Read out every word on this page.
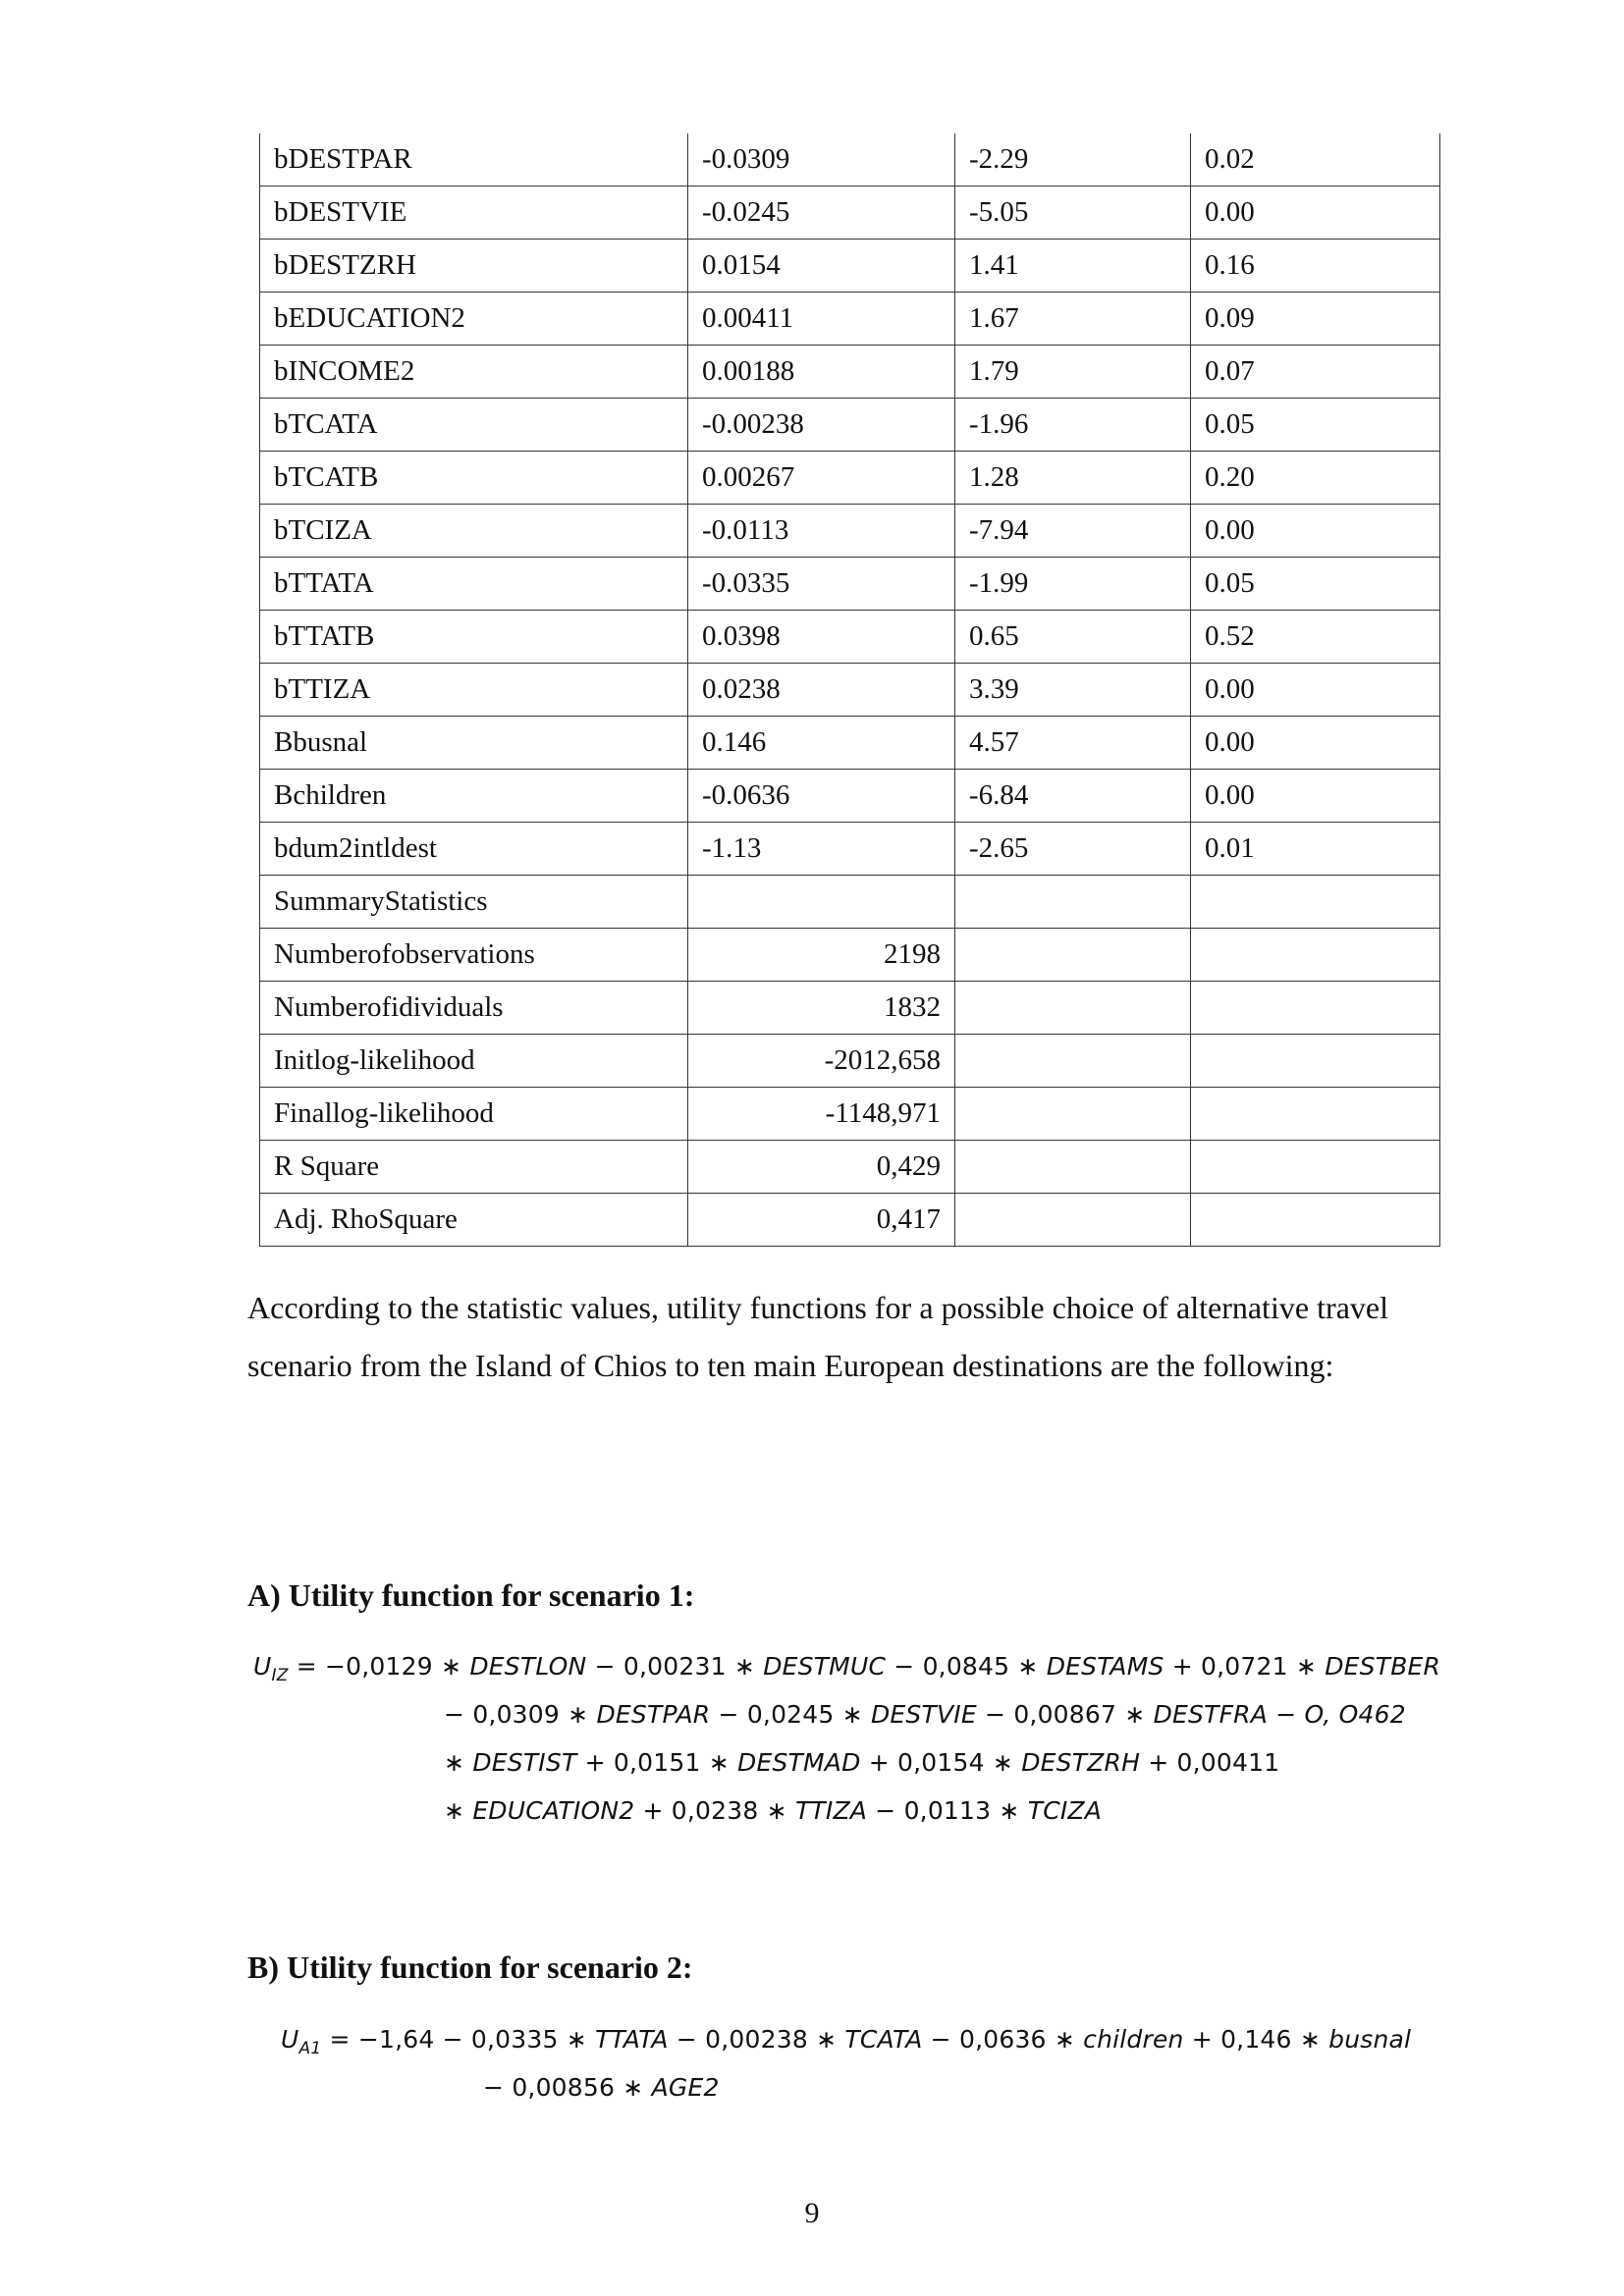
bDESTPAR	-0.0309	-2.29	0.02
bDESTVIE	-0.0245	-5.05	0.00
bDESTZRH	0.0154	1.41	0.16
bEDUCATION2	0.00411	1.67	0.09
bINCOME2	0.00188	1.79	0.07
bTCATA	-0.00238	-1.96	0.05
bTCATB	0.00267	1.28	0.20
bTCIZA	-0.0113	-7.94	0.00
bTTATA	-0.0335	-1.99	0.05
bTTATB	0.0398	0.65	0.52
bTTIZA	0.0238	3.39	0.00
Bbusnal	0.146	4.57	0.00
Bchildren	-0.0636	-6.84	0.00
bdum2intldest	-1.13	-2.65	0.01
SummaryStatistics			
Numberofobservations	2198		
Numberofidividuals	1832		
Initlog-likelihood	-2012,658		
Finallog-likelihood	-1148,971		
R Square	0,429		
Adj. RhoSquare	0,417		

According to the statistic values, utility functions for a possible choice of alternative travel scenario from the Island of Chios to ten main European destinations are the following:

A) Utility function for scenario 1:
$U_{IZ} = -0,0129$ ∗ DESTLON − 0,00231 ∗ DESTMUC − 0,0845 ∗ DESTAMS + 0,0721 ∗ DESTBER
− 0,0309 ∗ DESTPAR − 0,0245 ∗ DESTVIE − 0,00867 ∗ DESTFRA − O, O462
∗ DESTIST + 0,0151 ∗ DESTMAD + 0,0154 ∗ DESTZRH + 0,00411
∗ EDUCATION2 + 0,0238 ∗ TTIZA − 0,0113 ∗ TCIZA
B) Utility function for scenario 2:
$U_{A1} = -1,64 - 0,0335$ ∗ TTATA − 0,00238 ∗ TCATA − 0,0636 ∗ children + 0,146 ∗ busnal
− 0,00856 ∗ AGE2
9
